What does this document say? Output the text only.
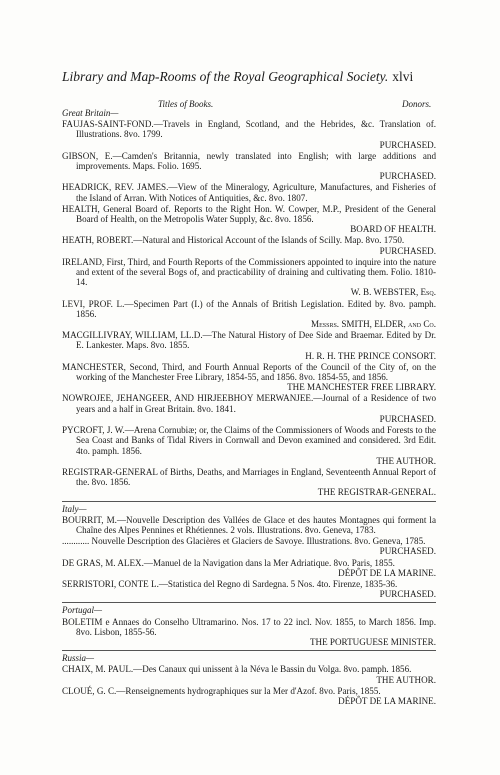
Library and Map-Rooms of the Royal Geographical Society. xlvi
Titles of Books.	Donors.
Great Britain—
FAUJAS-SAINT-FOND.—Travels in England, Scotland, and the Hebrides, &c. Translation of. Illustrations. 8vo. 1799.
PURCHASED.
GIBSON, E.—Camden's Britannia, newly translated into English; with large additions and improvements. Maps. Folio. 1695.
PURCHASED.
HEADRICK, REV. JAMES.—View of the Mineralogy, Agriculture, Manufactures, and Fisheries of the Island of Arran. With Notices of Antiquities, &c. 8vo. 1807.
HEALTH, General Board of. Reports to the Right Hon. W. Cowper, M.P., President of the General Board of Health, on the Metropolis Water Supply, &c. 8vo. 1856.
BOARD OF HEALTH.
HEATH, ROBERT.—Natural and Historical Account of the Islands of Scilly. Map. 8vo. 1750.
PURCHASED.
IRELAND, First, Third, and Fourth Reports of the Commissioners appointed to inquire into the nature and extent of the several Bogs of, and practicability of draining and cultivating them. Folio. 1810-14.
W. B. WEBSTER, Esq.
LEVI, PROF. L.—Specimen Part (I.) of the Annals of British Legislation. Edited by. 8vo. pamph. 1856.
Messrs. SMITH, ELDER, and Co.
MACGILLIVRAY, WILLIAM, LL.D.—The Natural History of Dee Side and Braemar. Edited by Dr. E. Lankester. Maps. 8vo. 1855.
H. R. H. THE PRINCE CONSORT.
MANCHESTER, Second, Third, and Fourth Annual Reports of the Council of the City of, on the working of the Manchester Free Library, 1854-55, and 1856. 8vo. 1854-55, and 1856.
THE MANCHESTER FREE LIBRARY.
NOWROJEE, JEHANGEER, AND HIRJEEBHOY MERWANJEE.—Journal of a Residence of two years and a half in Great Britain. 8vo. 1841.
PURCHASED.
PYCROFT, J. W.—Arena Cornubiæ; or, the Claims of the Commissioners of Woods and Forests to the Sea Coast and Banks of Tidal Rivers in Cornwall and Devon examined and considered. 3rd Edit. 4to. pamph. 1856.
THE AUTHOR.
REGISTRAR-GENERAL of Births, Deaths, and Marriages in England, Seventeenth Annual Report of the. 8vo. 1856.
THE REGISTRAR-GENERAL.
Italy—
BOURRIT, M.—Nouvelle Description des Vallées de Glace et des hautes Montagnes qui forment la Chaîne des Alpes Pennines et Rhétiennes. 2 vols. Illustrations. 8vo. Geneva, 1783.
............ Nouvelle Description des Glacières et Glaciers de Savoye. Illustrations. 8vo. Geneva, 1785.
PURCHASED.
DE GRAS, M. ALEX.—Manuel de la Navigation dans la Mer Adriatique. 8vo. Paris, 1855.
DÉPÔT DE LA MARINE.
SERRISTORI, CONTE L.—Statistica del Regno di Sardegna. 5 Nos. 4to. Firenze, 1835-36.
PURCHASED.
Portugal—
BOLETIM e Annaes do Conselho Ultramarino. Nos. 17 to 22 incl. Nov. 1855, to March 1856. Imp. 8vo. Lisbon, 1855-56.
THE PORTUGUESE MINISTER.
Russia—
CHAIX, M. PAUL.—Des Canaux qui unissent à la Néva le Bassin du Volga. 8vo. pamph. 1856.
THE AUTHOR.
CLOUÉ, G. C.—Renseignements hydrographiques sur la Mer d'Azof. 8vo. Paris, 1855.
DÉPÔT DE LA MARINE.
